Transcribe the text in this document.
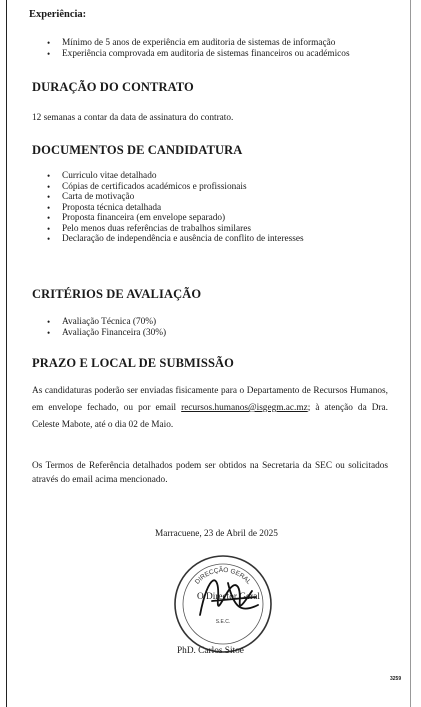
Experiência:
• Mínimo de 5 anos de experiência em auditoria de sistemas de informação
• Experiência comprovada em auditoria de sistemas financeiros ou académicos
DURAÇÃO DO CONTRATO
12 semanas a contar da data de assinatura do contrato.
DOCUMENTOS DE CANDIDATURA
• Curriculo vitae detalhado
• Cópias de certificados académicos e profissionais
• Carta de motivação
• Proposta técnica detalhada
• Proposta financeira (em envelope separado)
• Pelo menos duas referências de trabalhos similares
• Declaração de independência e ausência de conflito de interesses
CRITÉRIOS DE AVALIAÇÃO
• Avaliação Técnica (70%)
• Avaliação Financeira (30%)
PRAZO E LOCAL DE SUBMISSÃO
As candidaturas poderão ser enviadas fisicamente para o Departamento de Recursos Humanos, em envelope fechado, ou por email recursos.humanos@isgegm.ac.mz; à atenção da Dra. Celeste Mabote, até o dia 02 de Maio.
Os Termos de Referência detalhados podem ser obtidos na Secretaria da SEC ou solicitados através do email acima mencionado.
Marracuene, 23 de Abril de 2025
DIRECÇÃO GERAL
S.E.C.
O Director Geral
PhD. Carlos Sitoe
3259
